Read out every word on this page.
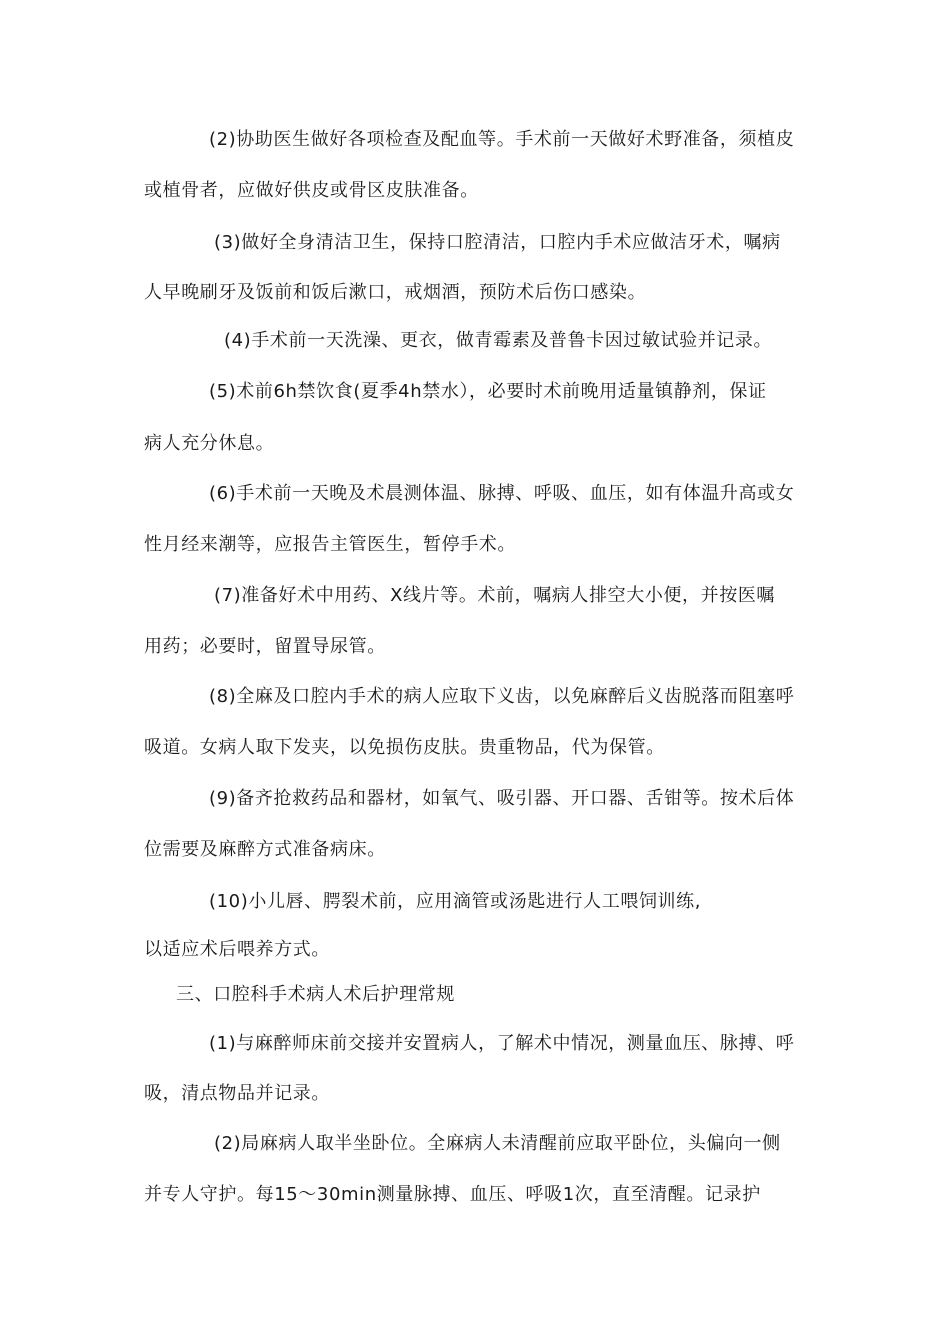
(2)协助医生做好各项检查及配血等。手术前一天做好术野准备，须植皮
或植骨者，应做好供皮或骨区皮肤准备。
(3)做好全身清洁卫生，保持口腔清洁，口腔内手术应做洁牙术，嘱病
人早晚刷牙及饭前和饭后漱口，戒烟酒，预防术后伤口感染。
(4)手术前一天洗澡、更衣，做青霉素及普鲁卡因过敏试验并记录。
(5)术前6h禁饮食(夏季4h禁水），必要时术前晚用适量镇静剂，保证
病人充分休息。
(6)手术前一天晚及术晨测体温、脉搏、呼吸、血压，如有体温升高或女
性月经来潮等，应报告主管医生，暂停手术。
(7)准备好术中用药、X线片等。术前，嘱病人排空大小便，并按医嘱
用药；必要时，留置导尿管。
(8)全麻及口腔内手术的病人应取下义齿，以免麻醉后义齿脱落而阻塞呼
吸道。女病人取下发夹，以免损伤皮肤。贵重物品，代为保管。
(9)备齐抢救药品和器材，如氧气、吸引器、开口器、舌钳等。按术后体
位需要及麻醉方式准备病床。
(10)小儿唇、腭裂术前，应用滴管或汤匙进行人工喂饲训练,
以适应术后喂养方式。
三、口腔科手术病人术后护理常规
(1)与麻醉师床前交接并安置病人，了解术中情况，测量血压、脉搏、呼
吸，清点物品并记录。
(2)局麻病人取半坐卧位。全麻病人未清醒前应取平卧位，头偏向一侧
并专人守护。每15〜30min测量脉搏、血压、呼吸1次，直至清醒。记录护
